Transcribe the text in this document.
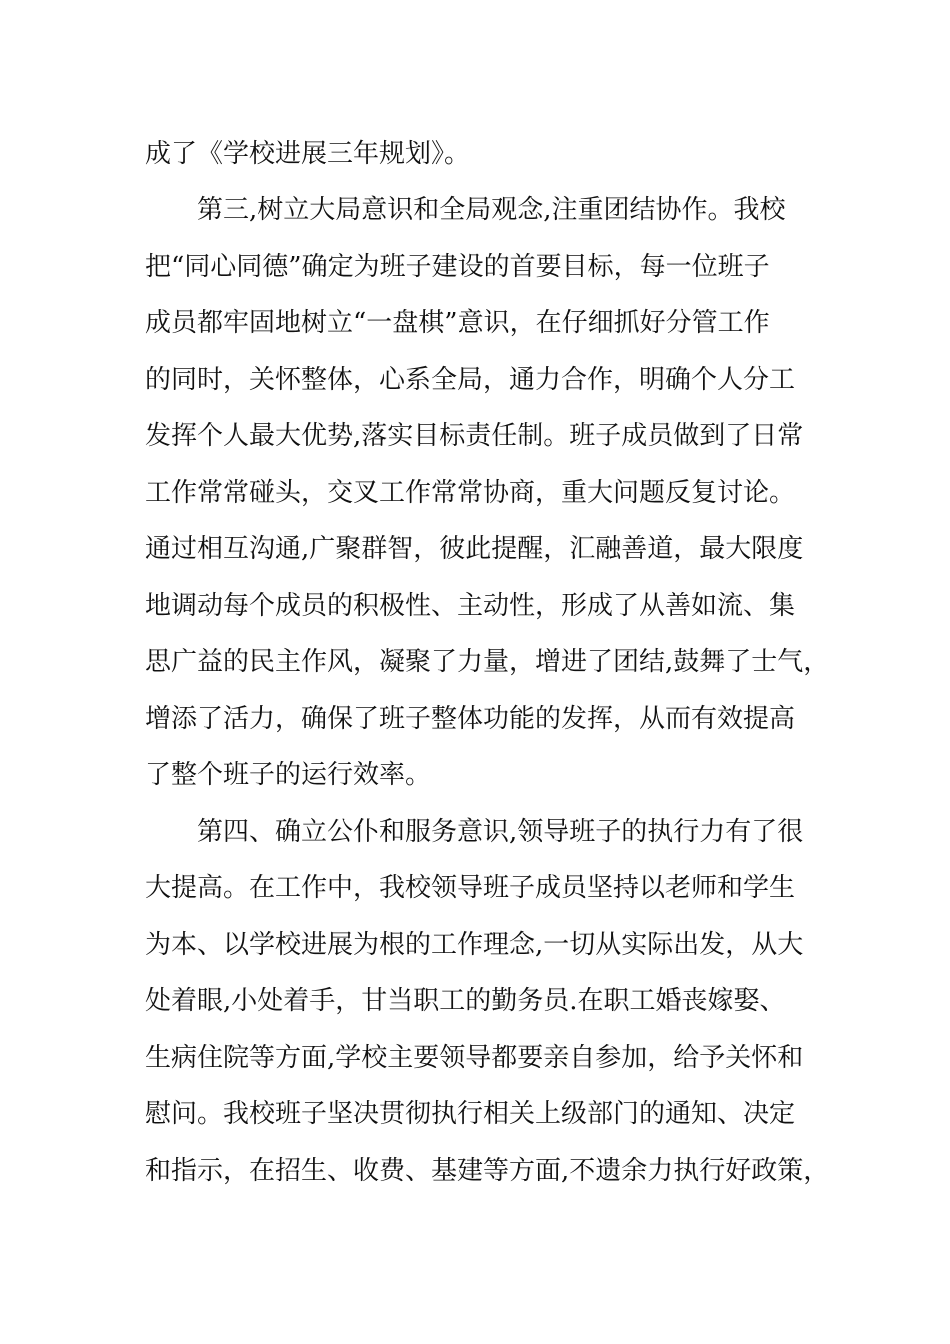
成了《学校进展三年规划》。
第三,树立大局意识和全局观念,注重团结协作。我校
把“同心同德”确定为班子建设的首要目标，每一位班子
成员都牢固地树立“一盘棋”意识，在仔细抓好分管工作
的同时，关怀整体，心系全局，通力合作，明确个人分工
发挥个人最大优势,落实目标责任制。班子成员做到了日常
工作常常碰头，交叉工作常常协商，重大问题反复讨论。
通过相互沟通,广聚群智，彼此提醒，汇融善道，最大限度
地调动每个成员的积极性、主动性，形成了从善如流、集
思广益的民主作风，凝聚了力量，增进了团结,鼓舞了士气，
增添了活力，确保了班子整体功能的发挥，从而有效提高
了整个班子的运行效率。
第四、确立公仆和服务意识,领导班子的执行力有了很
大提高。在工作中，我校领导班子成员坚持以老师和学生
为本、以学校进展为根的工作理念,一切从实际出发，从大
处着眼,小处着手，甘当职工的勤务员.在职工婚丧嫁娶、
生病住院等方面,学校主要领导都要亲自参加，给予关怀和
慰问。我校班子坚决贯彻执行相关上级部门的通知、决定
和指示，在招生、收费、基建等方面,不遗余力执行好政策，
